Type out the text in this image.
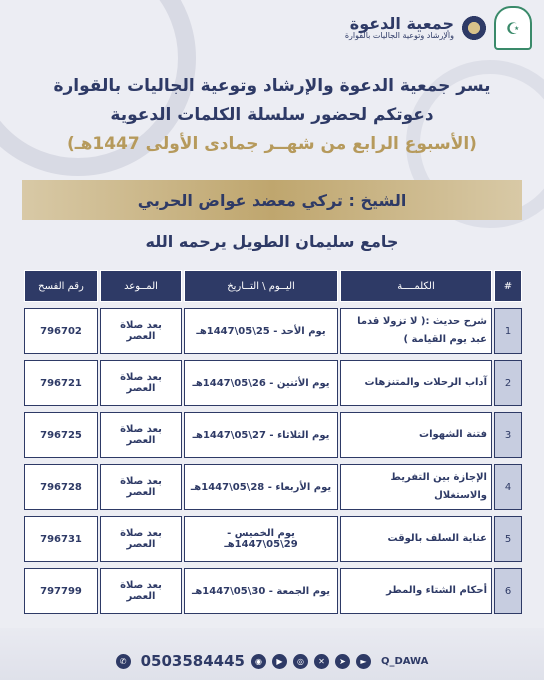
☪
جمعية الدعوة
والإرشاد وتوعية الجاليات بالقوارة
يسر جمعية الدعوة والإرشاد وتوعية الجاليات بالقوارة
دعوتكم لحضور سلسلة الكلمات الدعوية
(الأسبوع الرابع من شهــر جمادى الأولى 1447هـ)
الشيخ : تركي معضد عواض الحربي
جامع سليمان الطويل يرحمه الله
#	الكلمــــة	اليــوم \ التــاريخ	المــوعد	رقم الفسح

1	شرح حديث :( لا تزولا قدما عبد يوم القيامة )	يوم الأحد - 25\05\1447هـ	بعد صلاة العصر	796702

2	آداب الرحلات والمتنزهات	يوم الأثنين - 26\05\1447هـ	بعد صلاة العصر	796721

3	فتنة الشهوات	يوم الثلاثاء - 27\05\1447هـ	بعد صلاة العصر	796725

4	الإجازة بين التفريط والاستغلال	يوم الأربعاء - 28\05\1447هـ	بعد صلاة العصر	796728

5	عناية السلف بالوقت	يوم الخميس - 29\05\1447هـ	بعد صلاة العصر	796731

6	أحكام الشتاء والمطر	يوم الجمعة - 30\05\1447هـ	بعد صلاة العصر	797799
✆ 0503584445	◉	▶	◎	✕	➤	►	Q_DAWA
